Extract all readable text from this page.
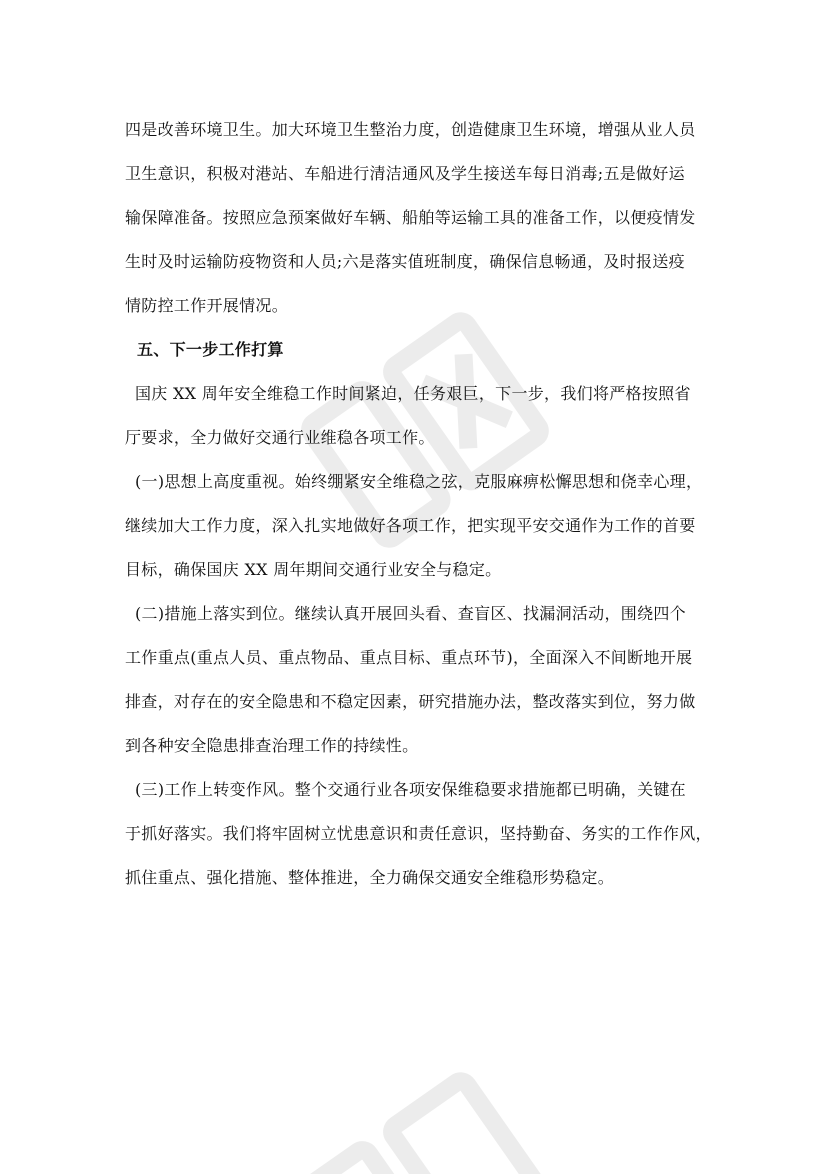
四是改善环境卫生。加大环境卫生整治力度，创造健康卫生环境，增强从业人员
卫生意识，积极对港站、车船进行清洁通风及学生接送车每日消毒;五是做好运
输保障准备。按照应急预案做好车辆、船舶等运输工具的准备工作，以便疫情发
生时及时运输防疫物资和人员;六是落实值班制度，确保信息畅通，及时报送疫
情防控工作开展情况。
五、下一步工作打算
国庆 XX 周年安全维稳工作时间紧迫，任务艰巨，下一步，我们将严格按照省
厅要求，全力做好交通行业维稳各项工作。
(一)思想上高度重视。始终绷紧安全维稳之弦，克服麻痹松懈思想和侥幸心理，
继续加大工作力度，深入扎实地做好各项工作，把实现平安交通作为工作的首要
目标，确保国庆 XX 周年期间交通行业安全与稳定。
(二)措施上落实到位。继续认真开展回头看、查盲区、找漏洞活动，围绕四个
工作重点(重点人员、重点物品、重点目标、重点环节)，全面深入不间断地开展
排查，对存在的安全隐患和不稳定因素，研究措施办法，整改落实到位，努力做
到各种安全隐患排查治理工作的持续性。
(三)工作上转变作风。整个交通行业各项安保维稳要求措施都已明确，关键在
于抓好落实。我们将牢固树立忧患意识和责任意识，坚持勤奋、务实的工作作风，
抓住重点、强化措施、整体推进，全力确保交通安全维稳形势稳定。
